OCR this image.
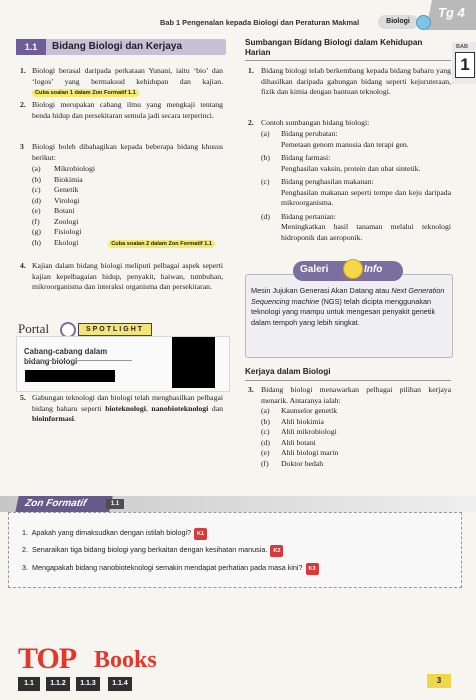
Tg 4
Bab 1 Pengenalan kepada Biologi dan Peraturan Makmal	Biologi
BAB
1
1.1	Bidang Biologi dan Kerjaya
1. Biologi berasal daripada perkataan Yunani, iaitu ‘bio’ dan ‘logos’ yang bermaksud kehidupan dan kajian. Cuba soalan 1 dalam Zon Formatif 1.1
2. Biologi merupakan cabang ilmu yang mengkaji tentang benda hidup dan persekitaran semula jadi secara terperinci.
3 Biologi boleh dibahagikan kepada beberapa bidang khusus berikut:
(a) Mikrobiologi
(b) Biokimia
(c) Genetik
(d) Virologi
(e) Botani
(f) Zoologi
(g) Fisiologi
(h) Ekologi	Cuba soalan 2 dalam Zon Formatif 1.1
4. Kajian dalam bidang biologi meliputi pelbagai aspek seperti kajian kepelbagaian hidup, penyakit, haiwan, tumbuhan, mikroorganisma dan interaksi organisma dan persekitaran.
Portal	SPOTLIGHT
Cabang-cabang dalam bidang biologi
5. Gabungan teknologi dan biologi telah menghasilkan pelbagai bidang baharu seperti bioteknologi, nanobioteknologi dan bioinformasi.
Sumbangan Bidang Biologi dalam Kehidupan Harian
1. Bidang biologi telah berkembang kepada bidang baharu yang dihasilkan daripada gabungan bidang seperti kejuruteraan, fizik dan kimia dengan bantuan teknologi.
2. Contoh sumbangan bidang biologi:
(a) Bidang perubatan:
Pemetaan genom manusia dan terapi gen.
(b) Bidang farmasi:
Penghasilan vaksin, protein dan ubat sintetik.
(c) Bidang penghasilan makanan:
Penghasilan makanan seperti tempe dan keju daripada mikroorganisma.
(d) Bidang pertanian:
Meningkatkan hasil tanaman melalui teknologi hidroponik dan aeroponik.
Galeri	Info
Mesin Jujukan Generasi Akan Datang atau Next Generation Sequencing machine (NGS) telah dicipta menggunakan teknologi yang mampu untuk mengesan penyakit genetik dalam tempoh yang lebih singkat.
Kerjaya dalam Biologi
3. Bidang biologi menawarkan pelbagai pilihan kerjaya menarik. Antaranya ialah:
(a) Kaunselor genetik
(b) Ahli biokimia
(c) Ahli mikrobiologi
(d) Ahli botani
(e) Ahli biologi marin
(f) Doktor bedah
Zon Formatif	1.1
1. Apakah yang dimaksudkan dengan istilah biologi? K1
2. Senaraikan tiga bidang biologi yang berkaitan dengan kesihatan manusia. K2
3. Mengapakah bidang nanobioteknologi semakin mendapat perhatian pada masa kini? K3
TOP Books
1.1	1.1.2	1.1.3	1.1.4	3
